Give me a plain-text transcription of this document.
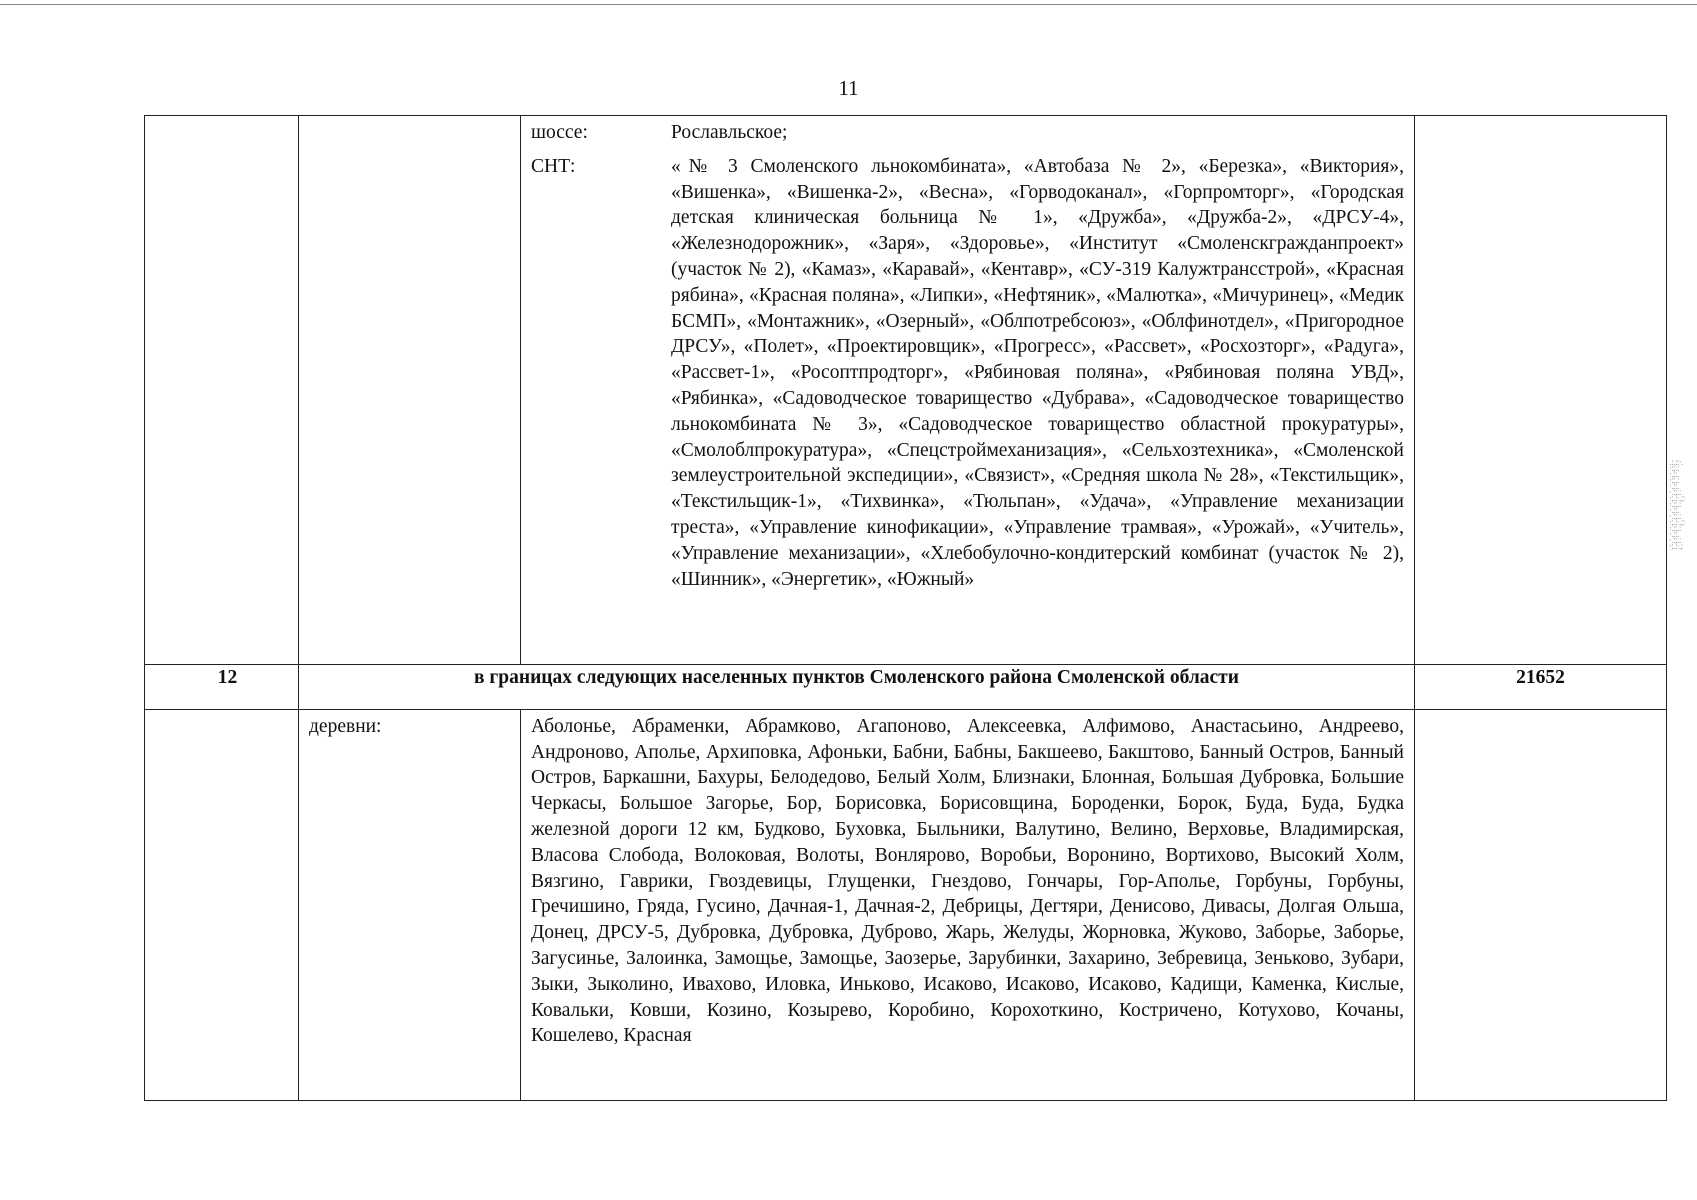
11

		шоссе: Рославльское;
СНТ: «№ 3 Смоленского льнокомбината», «Автобаза № 2», «Березка», «Виктория», «Вишенка», «Вишенка-2», «Весна», «Горводоканал», «Горпромторг», «Городская детская клиническая больница № 1», «Дружба», «Дружба-2», «ДРСУ-4», «Железнодорожник», «Заря», «Здоровье», «Институт «Смоленскгражданпроект» (участок № 2), «Камаз», «Каравай», «Кентавр», «СУ-319 Калужтрансстрой», «Красная рябина», «Красная поляна», «Липки», «Нефтяник», «Малютка», «Мичуринец», «Медик БСМП», «Монтажник», «Озерный», «Облпотребсоюз», «Облфинотдел», «Пригородное ДРСУ», «Полет», «Проектировщик», «Прогресс», «Рассвет», «Росхозторг», «Радуга», «Рассвет-1», «Росоптпродторг», «Рябиновая поляна», «Рябиновая поляна УВД», «Рябинка», «Садоводческое товарищество «Дубрава», «Садоводческое товарищество льнокомбината № 3», «Садоводческое товарищество областной прокуратуры», «Смолоблпрокуратура», «Спецстроймеханизация», «Сельхозтехника», «Смоленской землеустроительной экспедиции», «Связист», «Средняя школа № 28», «Текстильщик», «Текстильщик-1», «Тихвинка», «Тюльпан», «Удача», «Управление механизации треста», «Управление кинофикации», «Управление трамвая», «Урожай», «Учитель», «Управление механизации», «Хлебобулочно-кондитерский комбинат (участок № 2), «Шинник», «Энергетик», «Южный»	

12	в границах следующих населенных пунктов Смоленского района Смоленской области		21652
	деревни:	Аболонье, Абраменки, Абрамково, Агапоново, Алексеевка, Алфимово, Анастасьино, Андреево, Андроново, Аполье, Архиповка, Афоньки, Бабни, Бабны, Бакшеево, Бакштово, Банный Остров, Банный Остров, Баркашни, Бахуры, Белодедово, Белый Холм, Близнаки, Блонная, Большая Дубровка, Большие Черкасы, Большое Загорье, Бор, Борисовка, Борисовщина, Бороденки, Борок, Буда, Буда, Будка железной дороги 12 км, Будково, Буховка, Быльники, Валутино, Велино, Верховье, Владимирская, Власова Слобода, Волоковая, Волоты, Вонлярово, Воробьи, Воронино, Вортихово, Высокий Холм, Вязгино, Гаврики, Гвоздевицы, Глущенки, Гнездово, Гончары, Гор-Аполье, Горбуны, Горбуны, Гречишино, Гряда, Гусино, Дачная-1, Дачная-2, Дебрицы, Дегтяри, Денисово, Дивасы, Долгая Ольша, Донец, ДРСУ-5, Дубровка, Дубровка, Дуброво, Жарь, Желуды, Жорновка, Жуково, Заборье, Заборье, Загусинье, Залоинка, Замощье, Замощье, Заозерье, Зарубинки, Захарино, Зебревица, Зеньково, Зубари, Зыки, Зыколино, Ивахово, Иловка, Иньково, Исаково, Исаково, Исаково, Кадищи, Каменка, Кислые, Ковальки, Ковши, Козино, Козырево, Коробино, Корохоткино, Костричено, Котухово, Кочаны, Кошелево, Красная	
.:.;:·.·:;.:·.;:.·:;.:·.;:.·.:;.:·;.:·.;:·.:;.:·.;:.·.:;.:·;.:·.;:·.:;.:·.;:.·.:;.:·;.:·.;
